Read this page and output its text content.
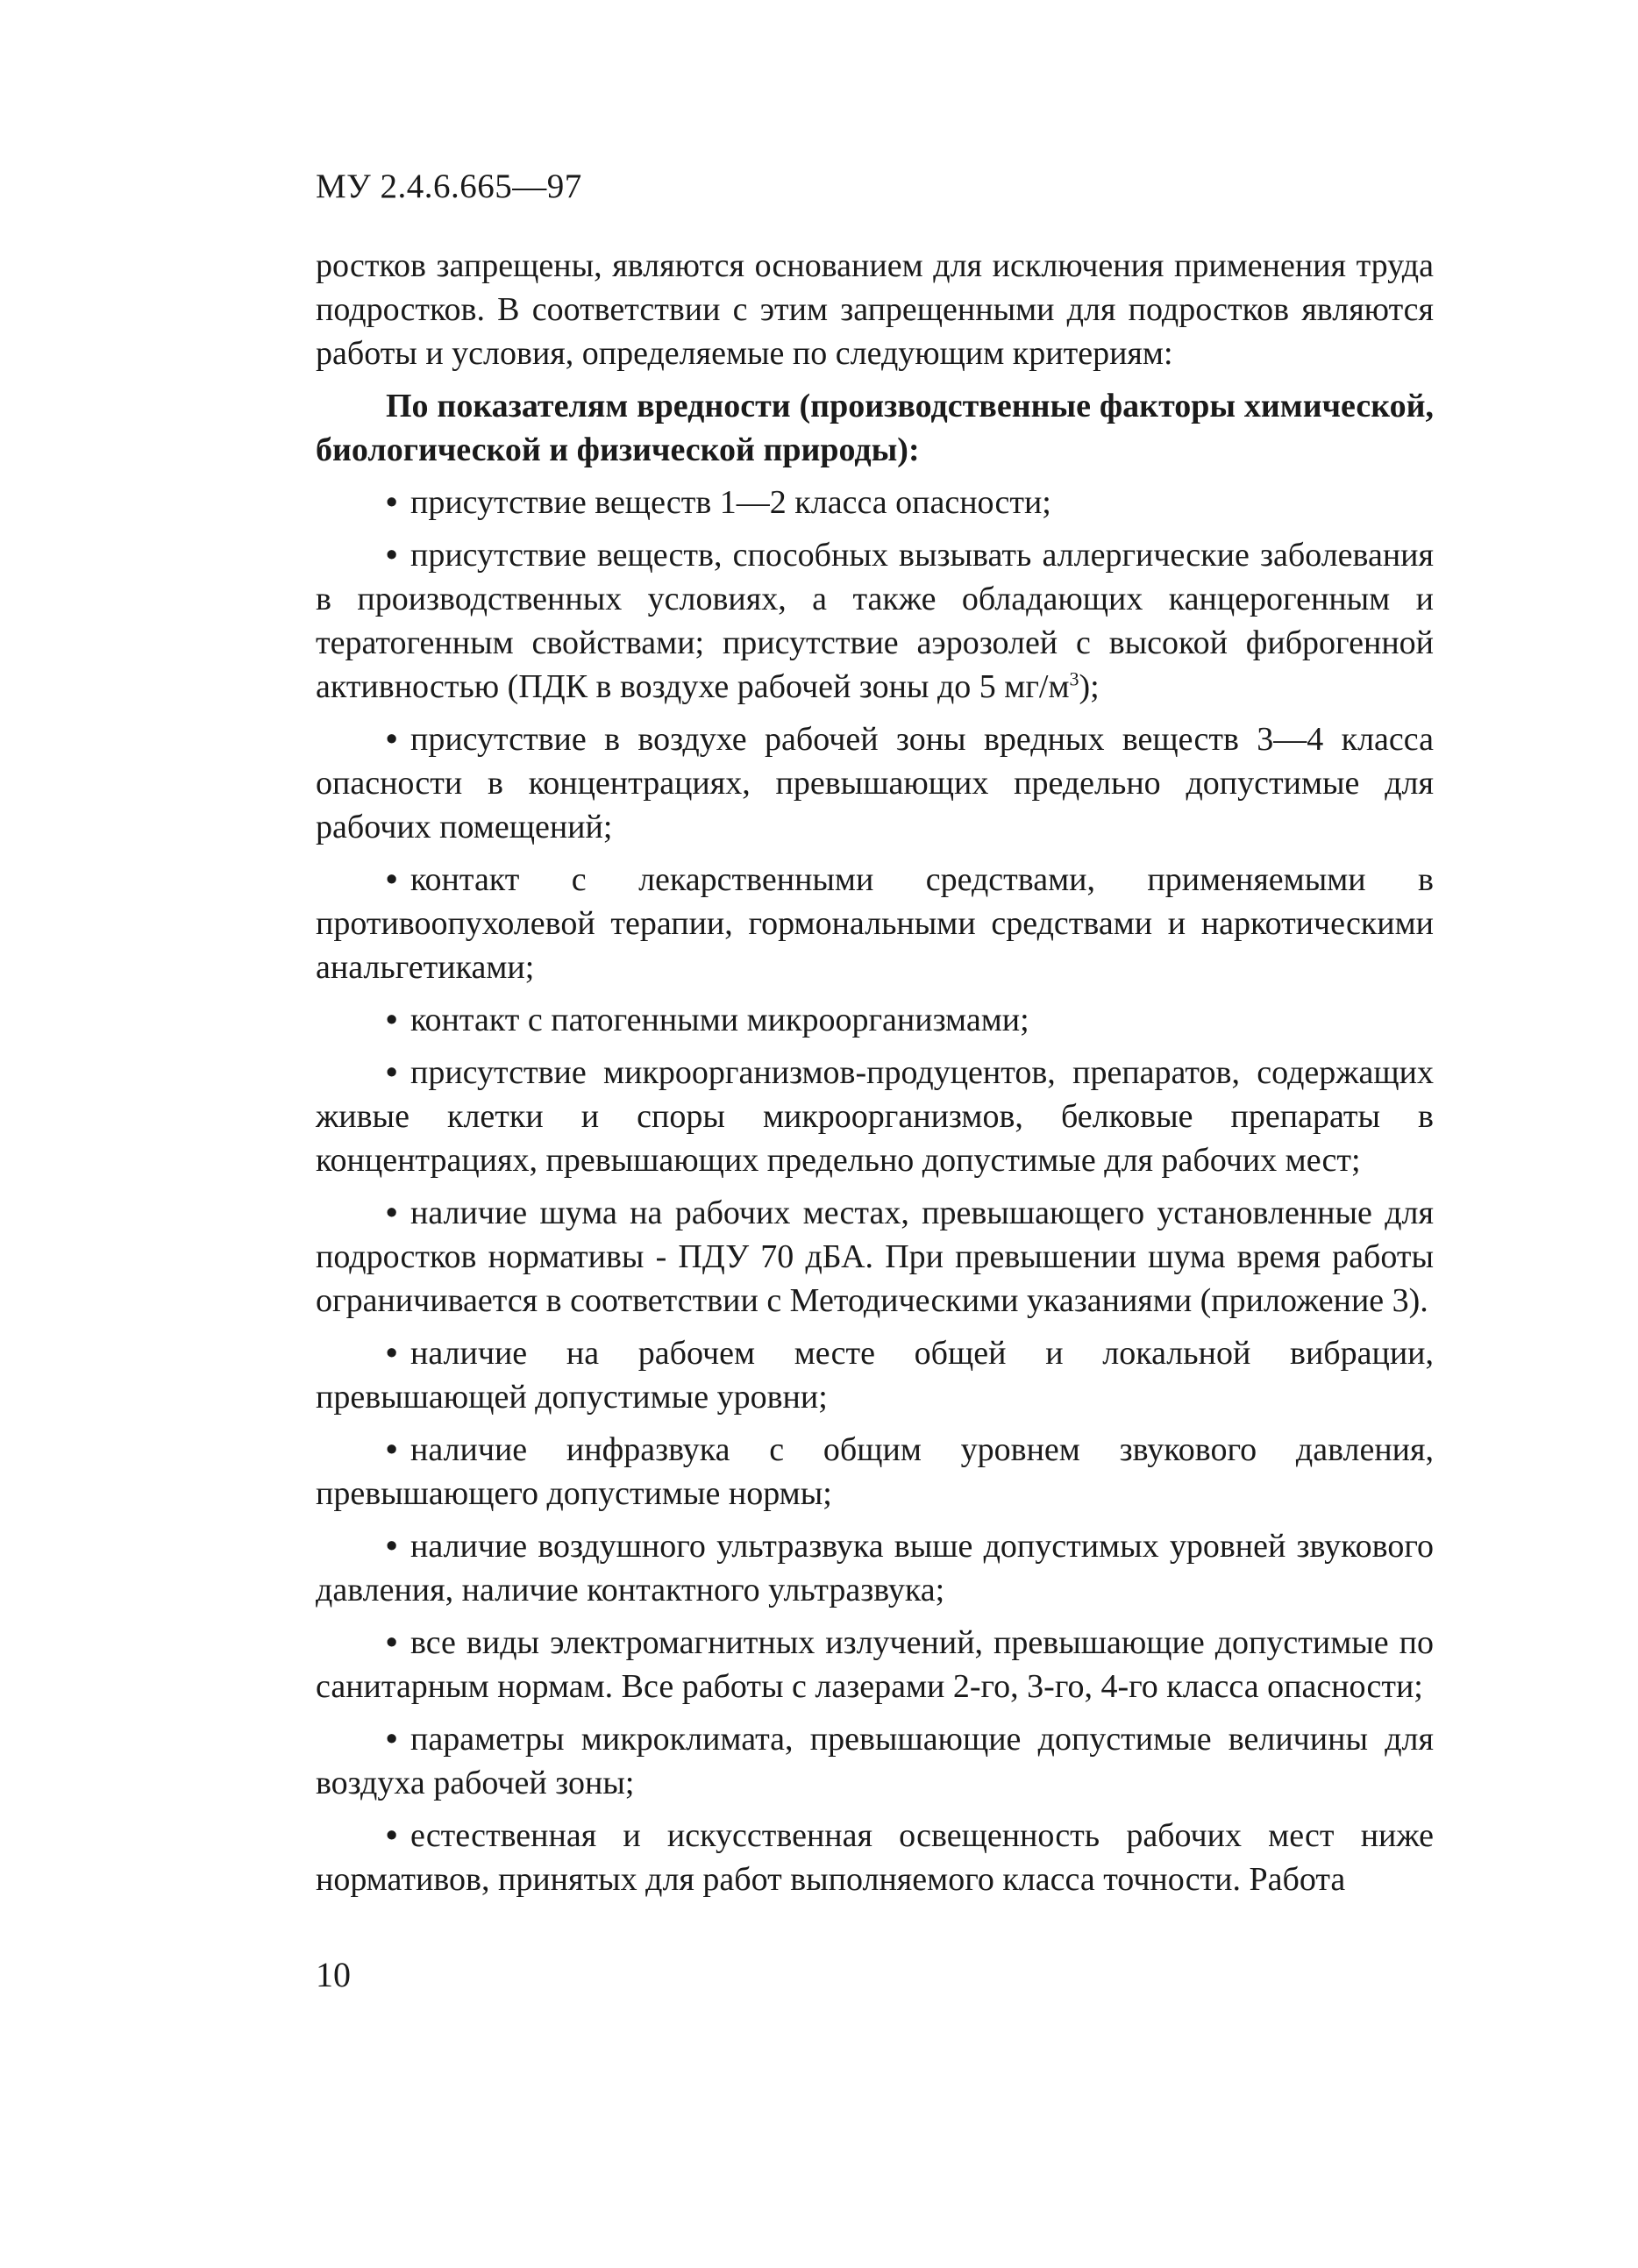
МУ 2.4.6.665—97

ростков запрещены, являются основанием для исключения применения труда подростков. В соответствии с этим запрещенными для подростков являются работы и условия, определяемые по следующим критериям:

По показателям вредности (производственные факторы химической, биологической и физической природы):

• присутствие веществ 1—2 класса опасности;

• присутствие веществ, способных вызывать аллергические заболевания в производственных условиях, а также обладающих канцерогенным и тератогенным свойствами; присутствие аэрозолей с высокой фиброгенной активностью (ПДК в воздухе рабочей зоны до 5 $мг/м^3$);

• присутствие в воздухе рабочей зоны вредных веществ 3—4 класса опасности в концентрациях, превышающих предельно допустимые для рабочих помещений;

• контакт с лекарственными средствами, применяемыми в противоопухолевой терапии, гормональными средствами и наркотическими анальгетиками;

• контакт с патогенными микроорганизмами;

• присутствие микроорганизмов-продуцентов, препаратов, содержащих живые клетки и споры микроорганизмов, белковые препараты в концентрациях, превышающих предельно допустимые для рабочих мест;

• наличие шума на рабочих местах, превышающего установленные для подростков нормативы - ПДУ 70 дБА. При превышении шума время работы ограничивается в соответствии с Методическими указаниями (приложение 3).

• наличие на рабочем месте общей и локальной вибрации, превышающей допустимые уровни;

• наличие инфразвука с общим уровнем звукового давления, превышающего допустимые нормы;

• наличие воздушного ультразвука выше допустимых уровней звукового давления, наличие контактного ультразвука;

• все виды электромагнитных излучений, превышающие допустимые по санитарным нормам. Все работы с лазерами 2-го, 3-го, 4-го класса опасности;

• параметры микроклимата, превышающие допустимые величины для воздуха рабочей зоны;

• естественная и искусственная освещенность рабочих мест ниже нормативов, принятых для работ выполняемого класса точности. Работа

10
